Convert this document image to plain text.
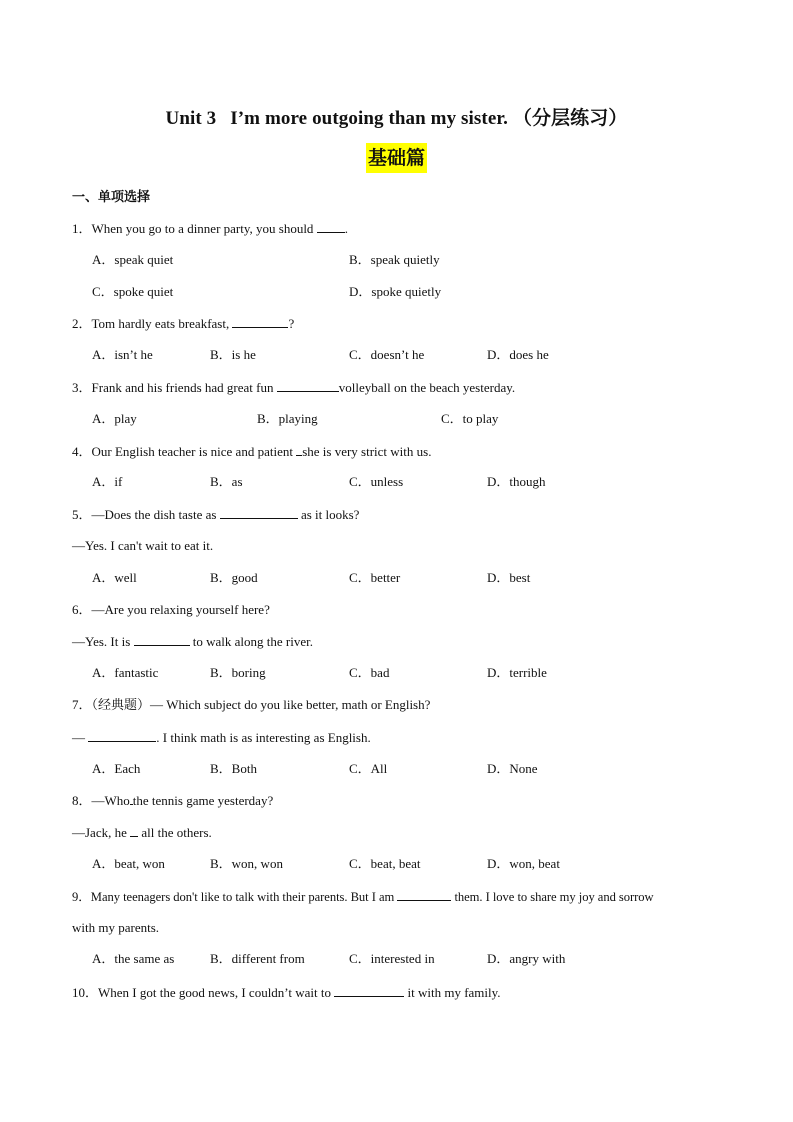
Unit 3 I’m more outgoing than my sister. （分层练习）
基础篇
一、单项选择
1．When you go to a dinner party, you should .
A．speak quiet	B．speak quietly
C．spoke quiet	D．spoke quietly
2．Tom hardly eats breakfast,	?
A．isn’t he	B．is he	C．doesn’t he	D．does he
3．Frank and his friends had great fun	volleyball on the beach yesterday.
A．play	B．playing	C．to play
4．Our English teacher is nice and patient she is very strict with us.
A．if	B．as	C．unless	D．though
5．—Does the dish taste as	as it looks?
—Yes. I can't wait to eat it.
A．well	B．good	C．better	D．best
6．—Are you relaxing yourself here?
—Yes. It is	to walk along the river.
A．fantastic	B．boring	C．bad	D．terrible
7．（经典题）— Which subject do you like better, math or English?
—	. I think math is as interesting as English.
A．Each	B．Both	C．All	D．None
8．—Who the tennis game yesterday?
—Jack, he  all the others.
A．beat, won	B．won, won	C．beat, beat	D．won, beat
9．Many teenagers don't like to talk with their parents. But I am	them. I love to share my joy and sorrow
with my parents.
A．the same as	B．different from	C．interested in	D．angry with
10．When I got the good news, I couldn’t wait to	it with my family.
